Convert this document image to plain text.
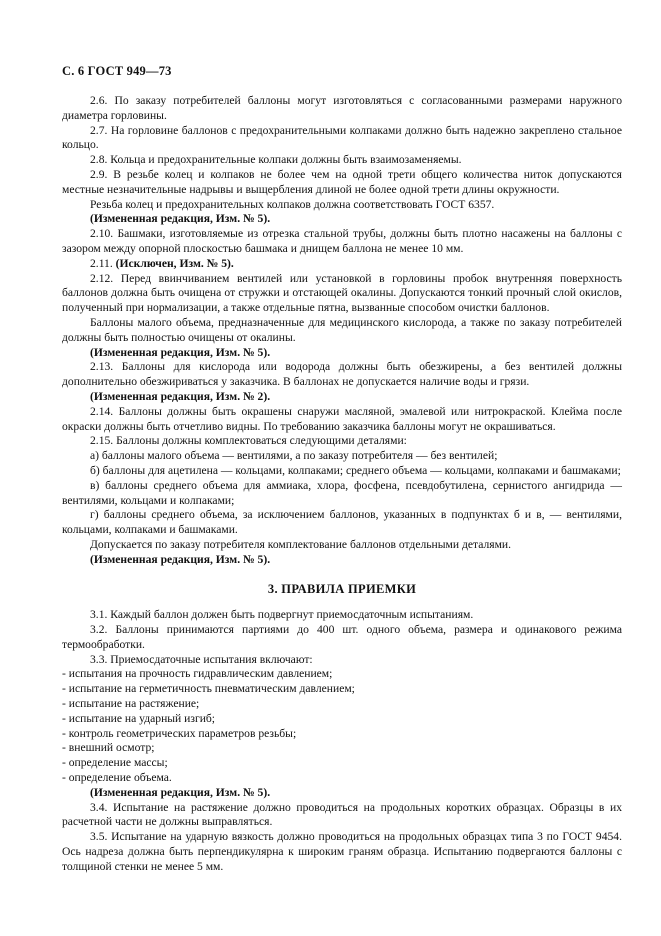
С. 6 ГОСТ 949—73

2.6. По заказу потребителей баллоны могут изготовляться с согласованными размерами наружного диаметра горловины.

2.7. На горловине баллонов с предохранительными колпаками должно быть надежно закреплено стальное кольцо.

2.8. Кольца и предохранительные колпаки должны быть взаимозаменяемы.

2.9. В резьбе колец и колпаков не более чем на одной трети общего количества ниток допускаются местные незначительные надрывы и выщербления длиной не более одной трети длины окружности.

Резьба колец и предохранительных колпаков должна соответствовать ГОСТ 6357.

(Измененная редакция, Изм. № 5).

2.10. Башмаки, изготовляемые из отрезка стальной трубы, должны быть плотно насажены на баллоны с зазором между опорной плоскостью башмака и днищем баллона не менее 10 мм.

2.11. (Исключен, Изм. № 5).

2.12. Перед ввинчиванием вентилей или установкой в горловины пробок внутренняя поверхность баллонов должна быть очищена от стружки и отстающей окалины. Допускаются тонкий прочный слой окислов, полученный при нормализации, а также отдельные пятна, вызванные способом очистки баллонов.

Баллоны малого объема, предназначенные для медицинского кислорода, а также по заказу потребителей должны быть полностью очищены от окалины.

(Измененная редакция, Изм. № 5).

2.13. Баллоны для кислорода или водорода должны быть обезжирены, а без вентилей должны дополнительно обезжириваться у заказчика. В баллонах не допускается наличие воды и грязи.

(Измененная редакция, Изм. № 2).

2.14. Баллоны должны быть окрашены снаружи масляной, эмалевой или нитрокраской. Клейма после окраски должны быть отчетливо видны. По требованию заказчика баллоны могут не окрашиваться.

2.15. Баллоны должны комплектоваться следующими деталями:

а) баллоны малого объема — вентилями, а по заказу потребителя — без вентилей;

б) баллоны для ацетилена — кольцами, колпаками; среднего объема — кольцами, колпаками и башмаками;

в) баллоны среднего объема для аммиака, хлора, фосфена, псевдобутилена, сернистого ангидрида — вентилями, кольцами и колпаками;

г) баллоны среднего объема, за исключением баллонов, указанных в подпунктах б и в, — вентилями, кольцами, колпаками и башмаками.

Допускается по заказу потребителя комплектование баллонов отдельными деталями.

(Измененная редакция, Изм. № 5).

3. ПРАВИЛА ПРИЕМКИ

3.1. Каждый баллон должен быть подвергнут приемосдаточным испытаниям.

3.2. Баллоны принимаются партиями до 400 шт. одного объема, размера и одинакового режима термообработки.

3.3. Приемосдаточные испытания включают:

- испытания на прочность гидравлическим давлением;

- испытание на герметичность пневматическим давлением;

- испытание на растяжение;

- испытание на ударный изгиб;

- контроль геометрических параметров резьбы;

- внешний осмотр;

- определение массы;

- определение объема.

(Измененная редакция, Изм. № 5).

3.4. Испытание на растяжение должно проводиться на продольных коротких образцах. Образцы в их расчетной части не должны выправляться.

3.5. Испытание на ударную вязкость должно проводиться на продольных образцах типа 3 по ГОСТ 9454. Ось надреза должна быть перпендикулярна к широким граням образца. Испытанию подвергаются баллоны с толщиной стенки не менее 5 мм.
